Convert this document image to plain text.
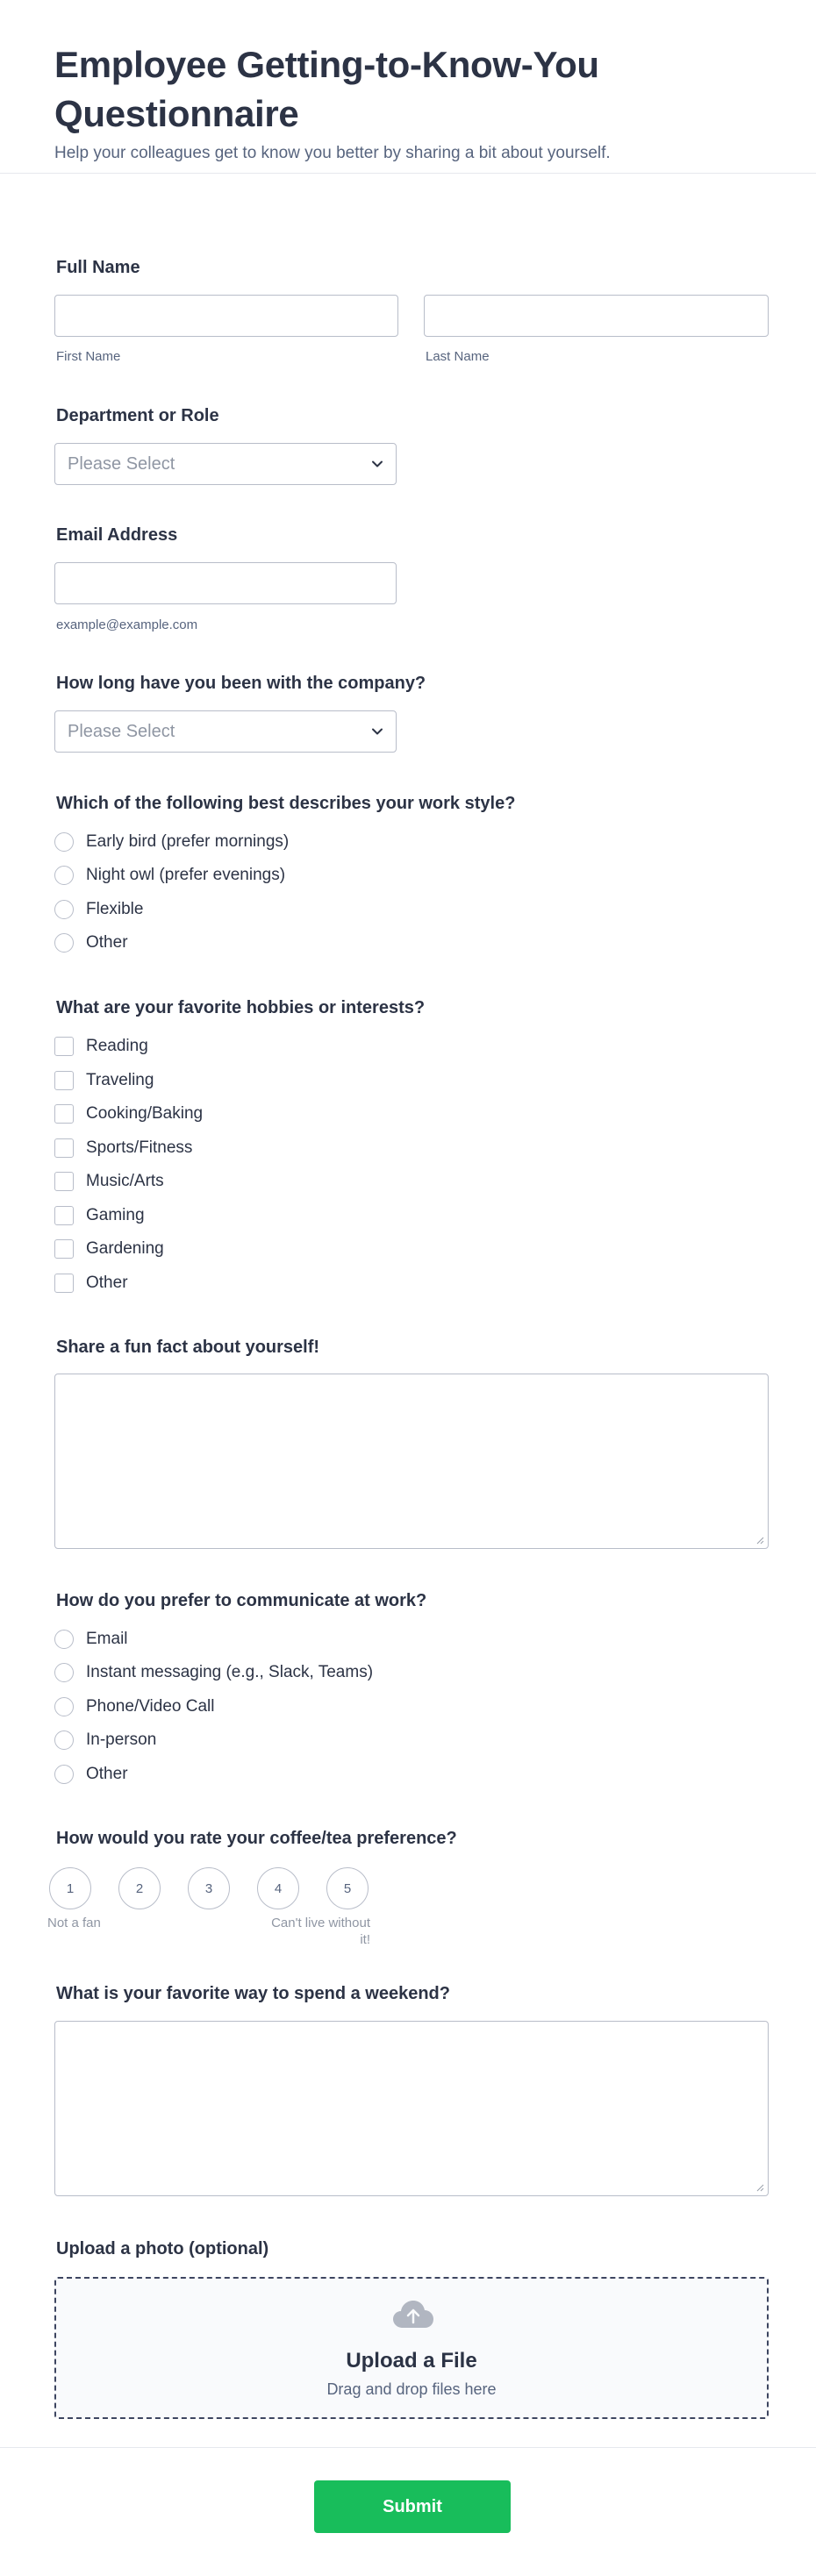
Employee Getting-to-Know-You
Questionnaire
Help your colleagues get to know you better by sharing a bit about yourself.
Full Name
First Name	Last Name
Department or Role
Please Select
Email Address
example@example.com
How long have you been with the company?
Please Select
Which of the following best describes your work style?
Early bird (prefer mornings)
Night owl (prefer evenings)
Flexible
Other
What are your favorite hobbies or interests?
Reading
Traveling
Cooking/Baking
Sports/Fitness
Music/Arts
Gaming
Gardening
Other
Share a fun fact about yourself!
How do you prefer to communicate at work?
Email
Instant messaging (e.g., Slack, Teams)
Phone/Video Call
In-person
Other
How would you rate your coffee/tea preference?
1	2	3	4	5
Not a fan	Can't live without it!
What is your favorite way to spend a weekend?
Upload a photo (optional)
Upload a File
Drag and drop files here
Submit
